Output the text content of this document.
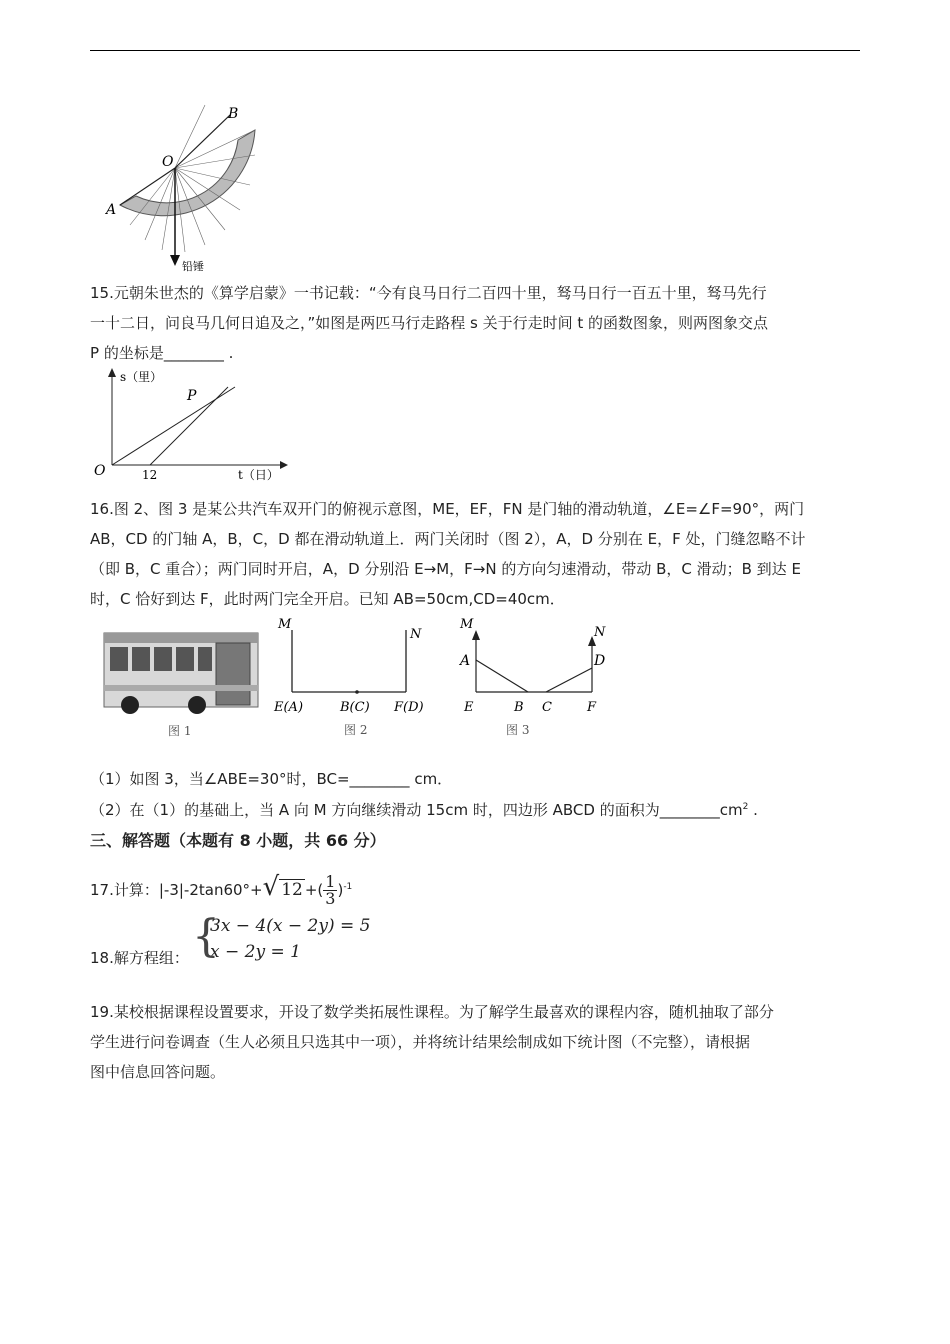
B
O
A
铅锤
15.元朝朱世杰的《算学启蒙》一书记载：“今有良马日行二百四十里，驽马日行一百五十里，驽马先行
一十二日，问良马几何日追及之，”如图是两匹马行走路程 s 关于行走时间 t 的函数图象，则两图象交点
P 的坐标是________ .
s（里）
O	12	t（日）
P
16.图 2、图 3 是某公共汽车双开门的俯视示意图，ME，EF，FN 是门轴的滑动轨道，∠E=∠F=90°，两门
AB，CD 的门轴 A，B，C，D 都在滑动轨道上．两门关闭时（图 2），A，D 分别在 E，F 处，门缝忽略不计
（即 B，C 重合）；两门同时开启，A，D 分别沿 E→M，F→N 的方向匀速滑动，带动 B，C 滑动；B 到达 E
时，C 恰好到达 F，此时两门完全开启。已知 AB=50cm,CD=40cm．
图 1
M
N
E(A)	B(C) F(D)
图 2
M
N
A	D
E	B C	F
图 3
（1）如图 3，当∠ABE=30°时，BC=________ cm．
（2）在（1）的基础上，当 A 向 M 方向继续滑动 15cm 时，四边形 ABCD 的面积为$\_\_\_\_\_\_\_\_cm^2$ .
三、解答题（本题有 8 小题，共 66 分）
17.计算：|-3|-2tan60°+√ 12 +( $\frac{1}{3} )^{-1}$
18.解方程组： {
3x − 4(x − 2y) = 5
x − 2y = 1
19.某校根据课程设置要求，开设了数学类拓展性课程。为了解学生最喜欢的课程内容，随机抽取了部分
学生进行问卷调查（生人必须且只选其中一项），并将统计结果绘制成如下统计图（不完整），请根据
图中信息回答问题。
